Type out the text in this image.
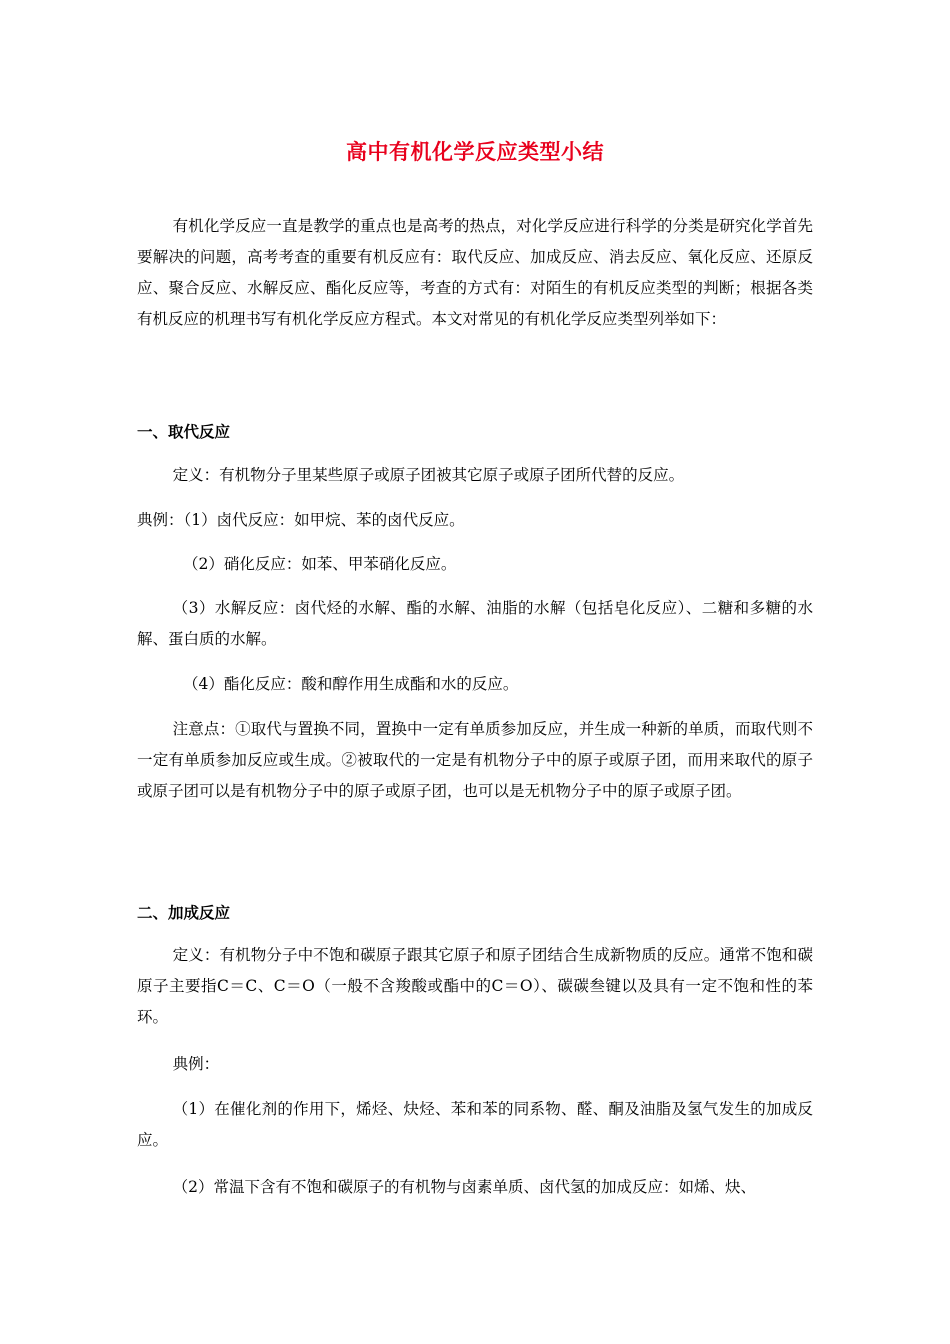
高中有机化学反应类型小结

有机化学反应一直是教学的重点也是高考的热点，对化学反应进行科学的分类是研究化学首先要解决的问题，高考考查的重要有机反应有：取代反应、加成反应、消去反应、氧化反应、还原反应、聚合反应、水解反应、酯化反应等，考查的方式有：对陌生的有机反应类型的判断；根据各类有机反应的机理书写有机化学反应方程式。本文对常见的有机化学反应类型列举如下：

一、取代反应

定义：有机物分子里某些原子或原子团被其它原子或原子团所代替的反应。

典例：（1）卤代反应：如甲烷、苯的卤代反应。

（2）硝化反应：如苯、甲苯硝化反应。

（3）水解反应：卤代烃的水解、酯的水解、油脂的水解（包括皂化反应）、二糖和多糖的水解、蛋白质的水解。

（4）酯化反应：酸和醇作用生成酯和水的反应。

注意点：①取代与置换不同，置换中一定有单质参加反应，并生成一种新的单质，而取代则不一定有单质参加反应或生成。②被取代的一定是有机物分子中的原子或原子团，而用来取代的原子或原子团可以是有机物分子中的原子或原子团，也可以是无机物分子中的原子或原子团。

二、加成反应

定义：有机物分子中不饱和碳原子跟其它原子和原子团结合生成新物质的反应。通常不饱和碳原子主要指C＝C、C＝O（一般不含羧酸或酯中的C＝O）、碳碳叁键以及具有一定不饱和性的苯环。

典例：

（1）在催化剂的作用下，烯烃、炔烃、苯和苯的同系物、醛、酮及油脂及氢气发生的加成反应。

（2）常温下含有不饱和碳原子的有机物与卤素单质、卤代氢的加成反应：如烯、炔、
